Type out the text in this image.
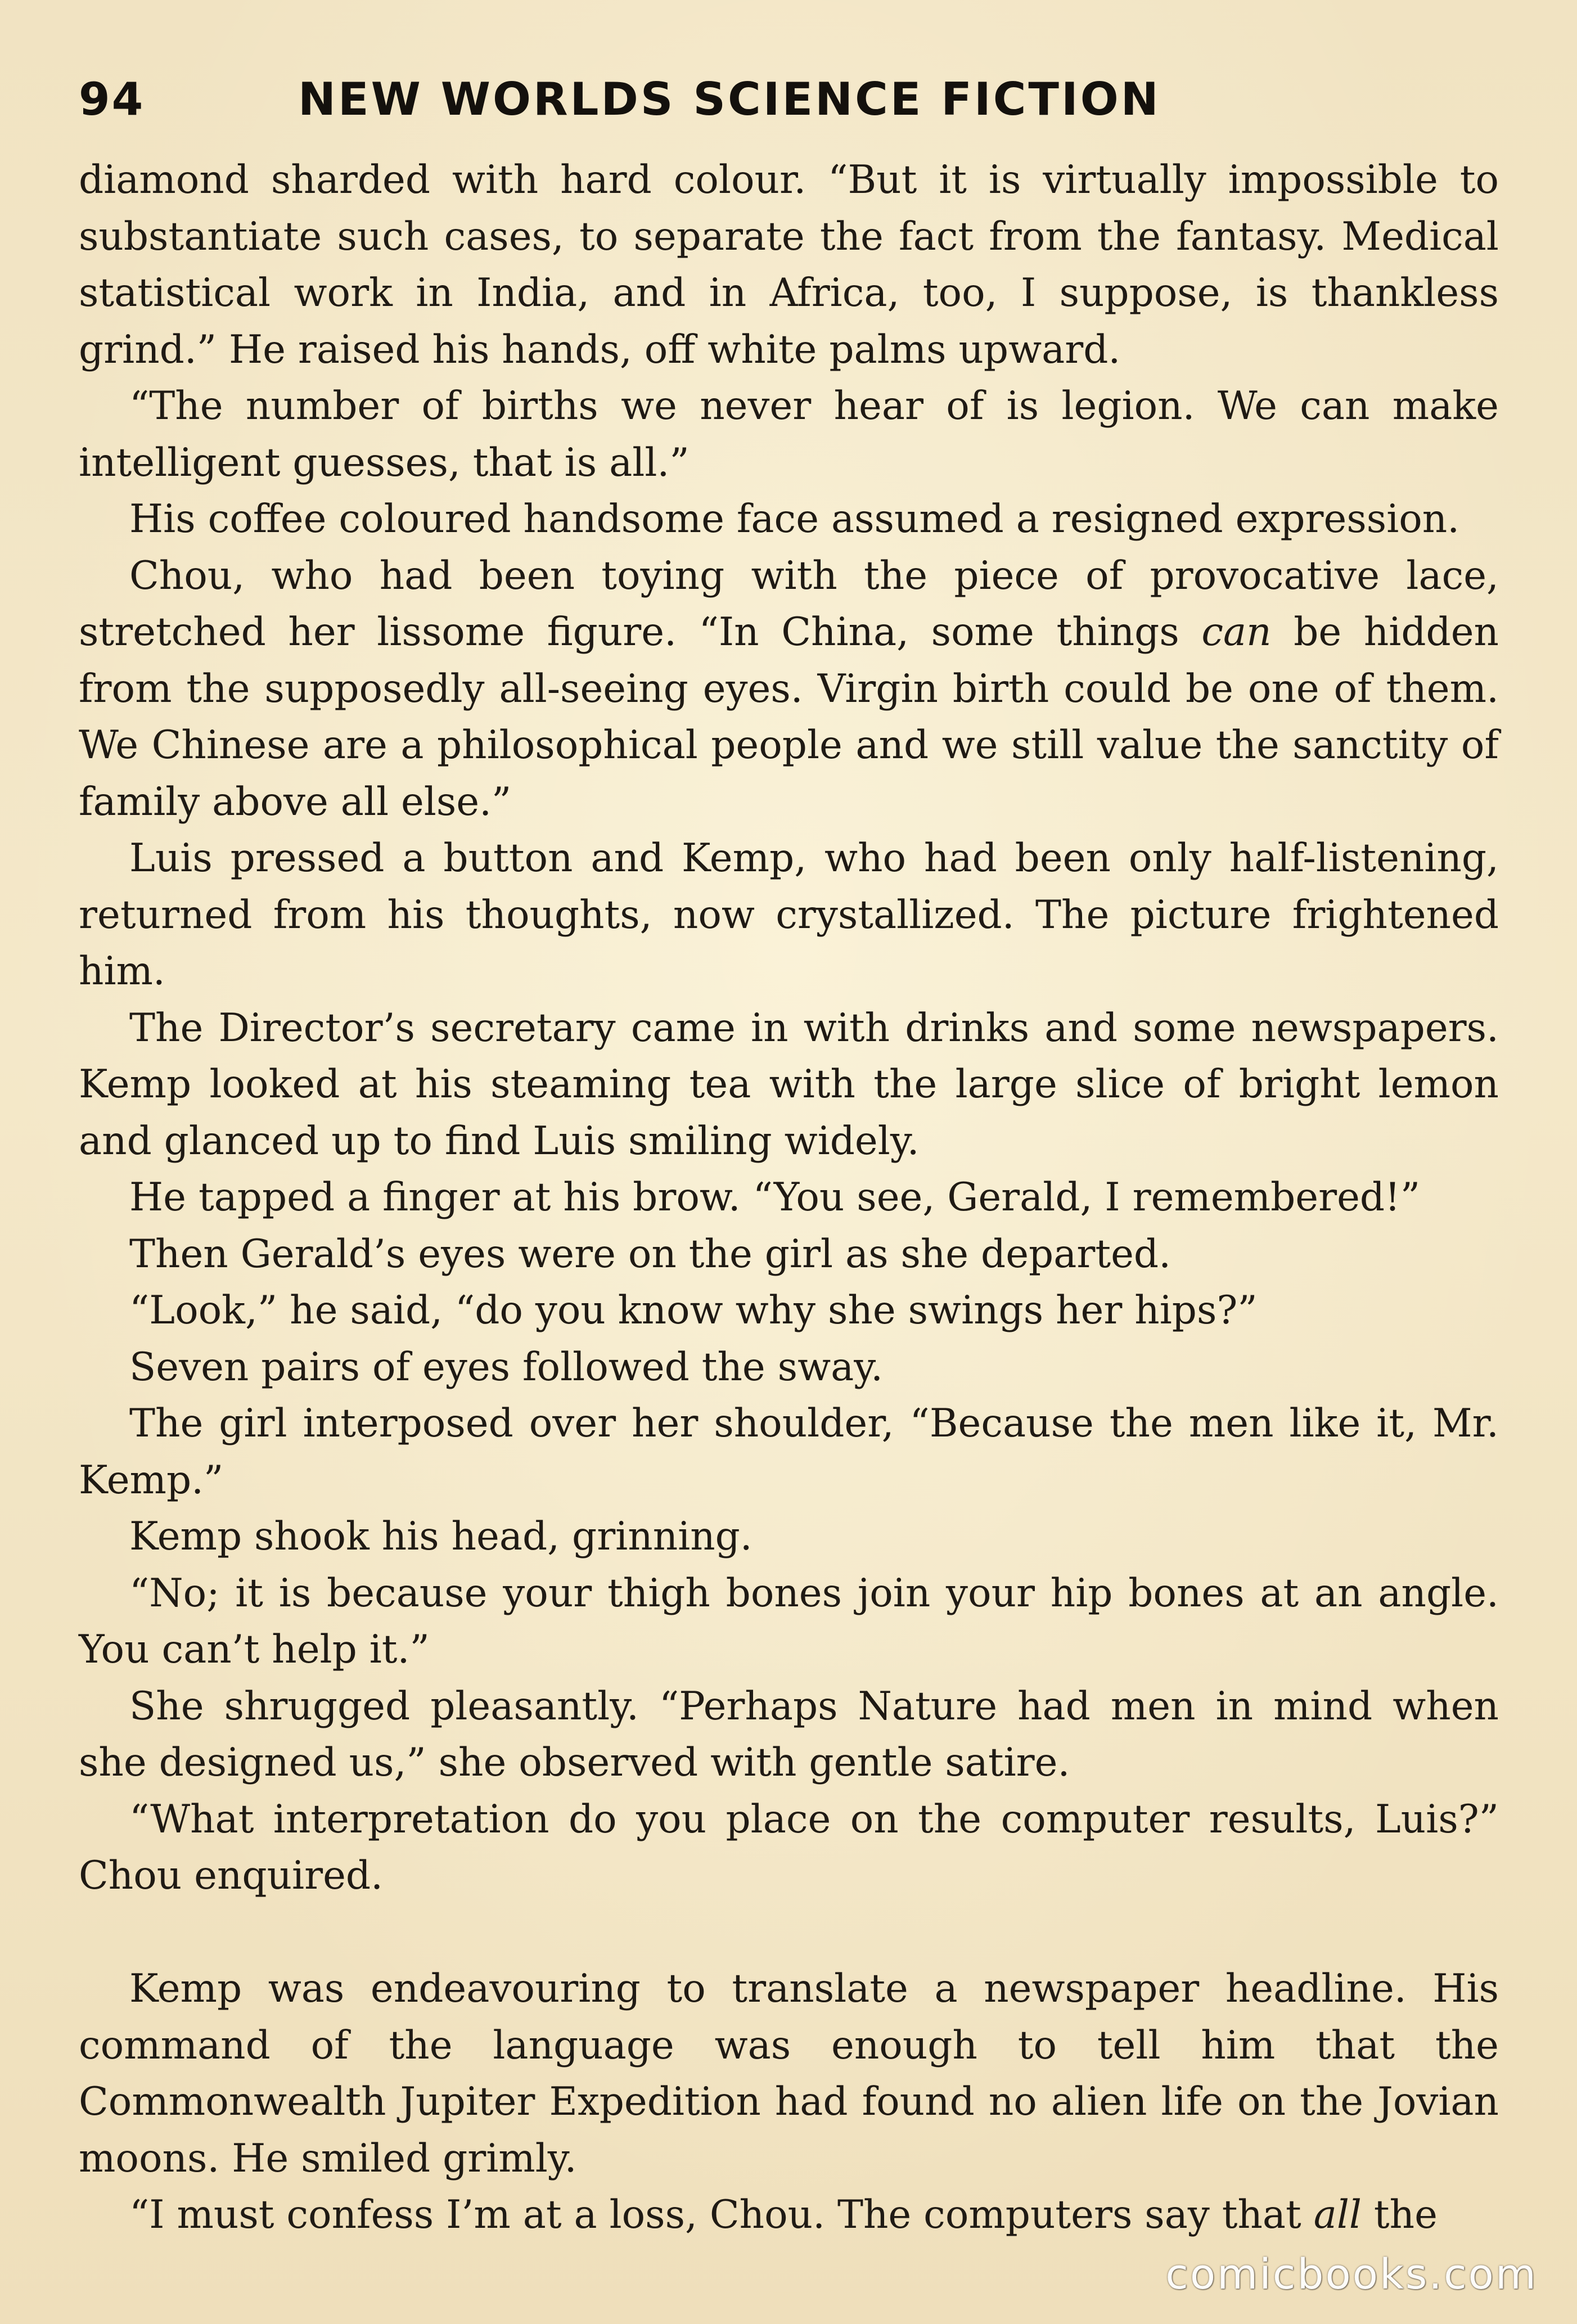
94	NEW WORLDS SCIENCE FICTION

diamond sharded with hard colour. “But it is virtually impossible to substantiate such cases, to separate the fact from the fantasy. Medical statistical work in India, and in Africa, too, I suppose, is thankless grind.” He raised his hands, off white palms upward.

“The number of births we never hear of is legion. We can make intelligent guesses, that is all.”

His coffee coloured handsome face assumed a resigned expression.

Chou, who had been toying with the piece of provocative lace, stretched her lissome figure. “In China, some things can be hidden from the supposedly all-seeing eyes. Virgin birth could be one of them. We Chinese are a philosophical people and we still value the sanctity of family above all else.”

Luis pressed a button and Kemp, who had been only half-listening, returned from his thoughts, now crystallized. The picture frightened him.

The Director’s secretary came in with drinks and some newspapers. Kemp looked at his steaming tea with the large slice of bright lemon and glanced up to find Luis smiling widely.

He tapped a finger at his brow. “You see, Gerald, I remembered!”

Then Gerald’s eyes were on the girl as she departed.

“Look,” he said, “do you know why she swings her hips?”

Seven pairs of eyes followed the sway.

The girl interposed over her shoulder, “Because the men like it, Mr. Kemp.”

Kemp shook his head, grinning.

“No; it is because your thigh bones join your hip bones at an angle. You can’t help it.”

She shrugged pleasantly. “Perhaps Nature had men in mind when she designed us,” she observed with gentle satire.

“What interpretation do you place on the computer results, Luis?” Chou enquired.

Kemp was endeavouring to translate a newspaper headline. His command of the language was enough to tell him that the Commonwealth Jupiter Expedition had found no alien life on the Jovian moons. He smiled grimly.

“I must confess I’m at a loss, Chou. The computers say that all the

comicbooks.com
